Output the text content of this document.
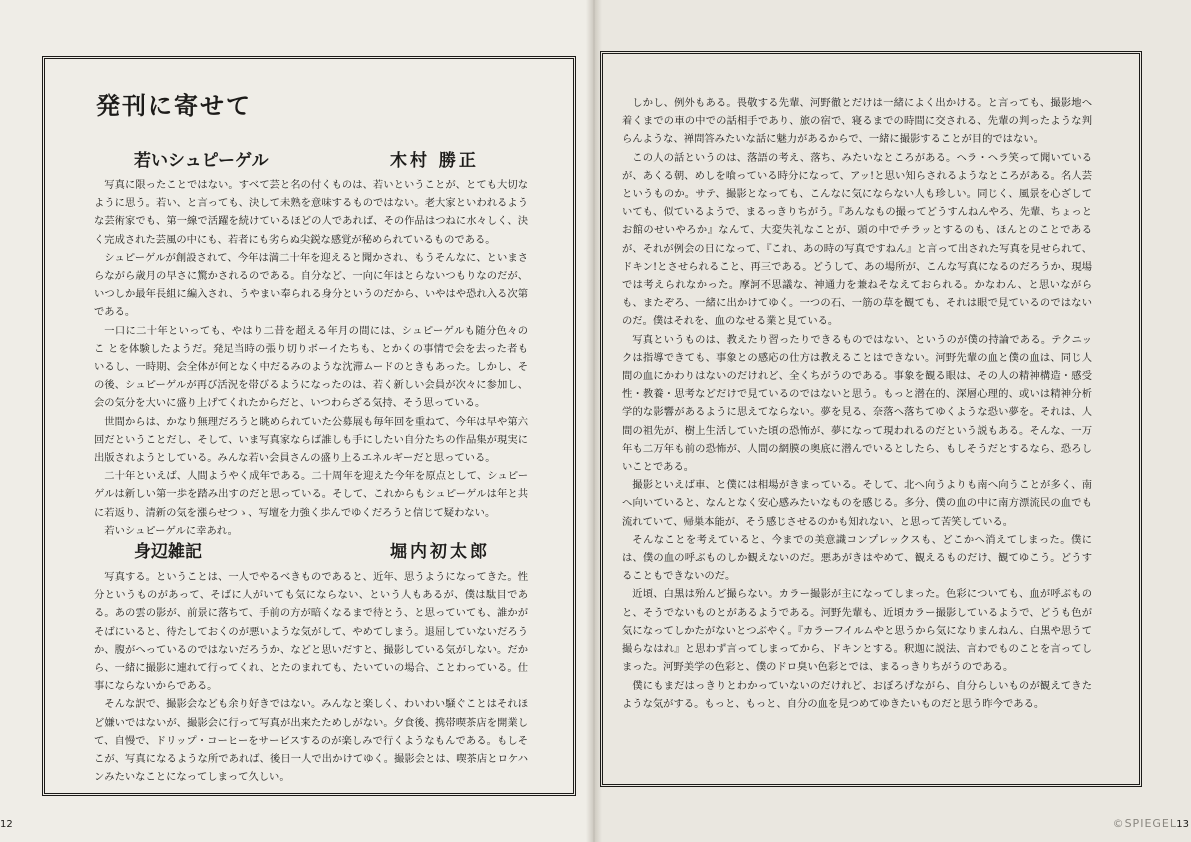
発刊に寄せて
若いシュピーゲル	木村 勝正

写真に限ったことではない。すべて芸と名の付くものは、若いということが、とても大切なように思う。若い、と言っても、決して未熟を意味するものではない。老大家といわれるような芸術家でも、第一線で活躍を続けているほどの人であれば、その作品はつねに水々しく、決く完成された芸風の中にも、若者にも劣らぬ尖鋭な感覚が秘められているものである。

シュピーゲルが創設されて、今年は満二十年を迎えると聞かされ、もうそんなに、といまさらながら歳月の早さに驚かされるのである。自分など、一向に年はとらないつもりなのだが、いつしか最年長組に編入され、うやまい奉られる身分というのだから、いやはや恐れ入る次第である。

一口に二十年といっても、やはり二昔を超える年月の間には、シュピーゲルも随分色々の こ とを体験したようだ。発足当時の張り切りボーイたちも、とかくの事情で会を去った者もいるし、一時期、会全体が何となく中だるみのような沈滞ムードのときもあった。しかし、その後、シュピーゲルが再び活況を帯びるようになったのは、若く新しい会員が次々に参加し、会の気分を大いに盛り上げてくれたからだと、いつわらざる気持、そう思っている。

世間からは、かなり無理だろうと眺められていた公募展も毎年回を重ねて、今年は早や第六回だということだし、そして、いま写真家ならば誰しも手にしたい自分たちの作品集が現実に出版されようとしている。みんな若い会員さんの盛り上るエネルギーだと思っている。

二十年といえば、人間ようやく成年である。二十周年を迎えた今年を原点として、シュピーゲルは新しい第一歩を踏み出すのだと思っている。そして、これからもシュピーゲルは年と共に若返り、清新の気を漲らせつゝ、写壇を力強く歩んでゆくだろうと信じて疑わない。

若いシュピーゲルに幸あれ。

身辺雑記	堀内初太郎

写真する。ということは、一人でやるべきものであると、近年、思うようになってきた。性分というものがあって、そばに人がいても気にならない、という人もあるが、僕は駄目である。あの雲の影が、前景に落ちて、手前の方が暗くなるまで待とう、と思っていても、誰かがそばにいると、待たしておくのが悪いような気がして、やめてしまう。退屈していないだろうか、腹がへっているのではないだろうか、などと思いだすと、撮影している気がしない。だから、一緒に撮影に連れて行ってくれ、とたのまれても、たいていの場合、ことわっている。仕事にならないからである。

そんな訳で、撮影会なども余り好きではない。みんなと楽しく、わいわい騒ぐことはそれほど嫌いではないが、撮影会に行って写真が出来たためしがない。夕食後、携帯喫茶店を開業して、自慢で、ドリップ・コーヒーをサービスするのが楽しみで行くようなもんである。もしそこが、写真になるような所であれば、後日一人で出かけてゆく。撮影会とは、喫茶店とロケハンみたいなことになってしまって久しい。

しかし、例外もある。畏敬する先輩、河野徹とだけは一緒によく出かける。と言っても、撮影地へ着くまでの車の中での話相手であり、旅の宿で、寝るまでの時間に交される、先輩の判ったような判らんような、禅問答みたいな話に魅力があるからで、一緒に撮影することが目的ではない。

この人の話というのは、落語の考え、落ち、みたいなところがある。ヘラ・ヘラ笑って聞いているが、あくる朝、めしを喰っている時分になって、アッ!と思い知らされるようなところがある。名人芸というものか。サテ、撮影となっても、こんなに気にならない人も珍しい。同じく、風景を心ざしていても、似ているようで、まるっきりちがう。『あんなもの撮ってどうすんねんやろ、先輩、ちょっとお館のせいやろか』なんて、大変失礼なことが、頭の中でチラッとするのも、ほんとのことであるが、それが例会の日になって、『これ、あの時の写真ですねん』と言って出された写真を見せられて、ドキン!とさせられること、再三である。どうして、あの場所が、こんな写真になるのだろうか、現場では考えられなかった。摩訶不思議な、神通力を兼ねそなえておられる。かなわん、と思いながらも、またぞろ、一緒に出かけてゆく。一つの石、一筋の草を観ても、それは眼で見ているのではないのだ。僕はそれを、血のなせる業と見ている。

写真というものは、教えたり習ったりできるものではない、というのが僕の持論である。テクニックは指導できても、事象との感応の仕方は教えることはできない。河野先輩の血と僕の血は、同じ人間の血にかわりはないのだけれど、全くちがうのである。事象を観る眼は、その人の精神構造・感受性・教養・思考などだけで見ているのではないと思う。もっと潜在的、深層心理的、或いは精神分析学的な影響があるように思えてならない。夢を見る、奈落へ落ちてゆくような恐い夢を。それは、人間の祖先が、樹上生活していた頃の恐怖が、夢になって現われるのだという説もある。そんな、一万年も二万年も前の恐怖が、人間の網膜の奥底に潜んでいるとしたら、もしそうだとするなら、恐ろしいことである。

撮影といえば車、と僕には相場がきまっている。そして、北へ向うよりも南へ向うことが多く、南へ向いていると、なんとなく安心感みたいなものを感じる。多分、僕の血の中に南方漂流民の血でも流れていて、帰巣本能が、そう感じさせるのかも知れない、と思って苦笑している。

そんなことを考えていると、今までの美意識コンプレックスも、どこかへ消えてしまった。僕には、僕の血の呼ぶものしか観えないのだ。悪あがきはやめて、観えるものだけ、観てゆこう。どうすることもできないのだ。

近頃、白黒は殆んど撮らない。カラー撮影が主になってしまった。色彩についても、血が呼ぶものと、そうでないものとがあるようである。河野先輩も、近頃カラー撮影しているようで、どうも色が気になってしかたがないとつぶやく。『カラーフイルムやと思うから気になりまんねん、白黒や思うて撮らなはれ』と思わず言ってしまってから、ドキンとする。釈迦に説法、言わでものことを言ってしまった。河野美学の色彩と、僕のドロ臭い色彩とでは、まるっきりちがうのである。

僕にもまだはっきりとわかっていないのだけれど、おぼろげながら、自分らしいものが観えてきたような気がする。もっと、もっと、自分の血を見つめてゆきたいものだと思う昨今である。

12	©SPIEGEL 13
